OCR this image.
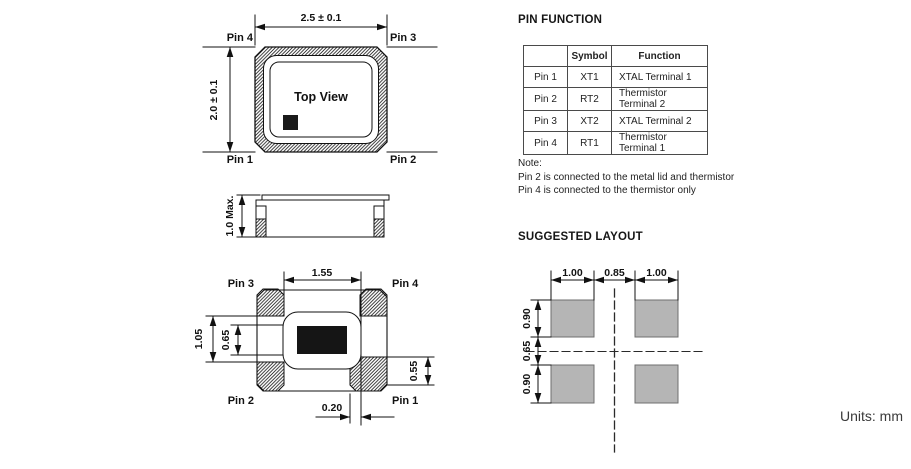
2.5 ± 0.1
2.0 ± 0.1	Top View
Pin 4	Pin 3
Pin 1	Pin 2
1.0 Max.
1.55
1.05 0.65
0.55
0.20
Pin 3	Pin 4
Pin 2	Pin 1
PIN FUNCTION
	Symbol	Function
Pin 1	XT1	XTAL Terminal 1
Pin 2	RT2	Thermistor Terminal 2
Pin 3	XT2	XTAL Terminal 2
Pin 4	RT1	Thermistor Terminal 1
Note:
Pin 2 is connected to the metal lid and thermistor
Pin 4 is connected to the thermistor only
SUGGESTED LAYOUT
1.00 0.85 1.00
0.90
0.65
0.90
Units: mm
